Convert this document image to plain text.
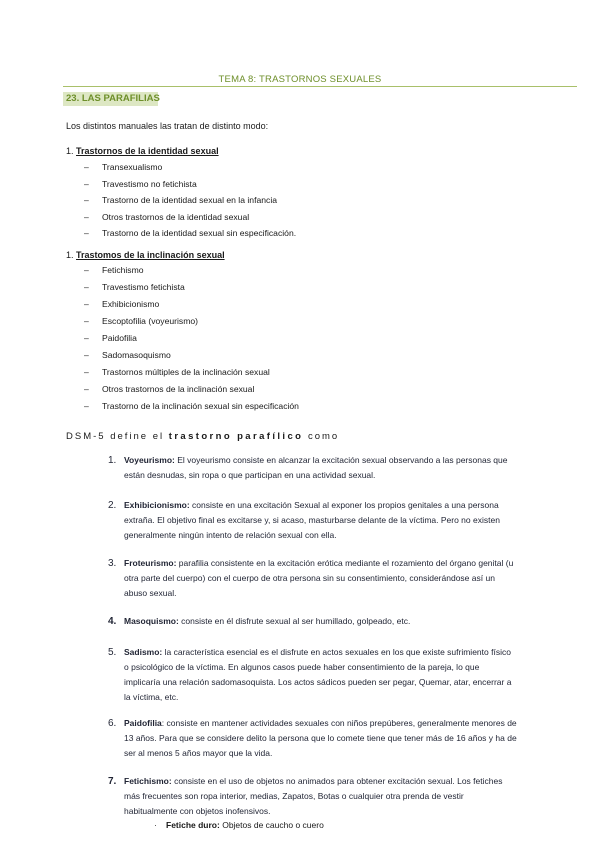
TEMA 8: TRASTORNOS SEXUALES
23. LAS PARAFILIAS
Los distintos manuales las tratan de distinto modo:
1. Trastornos de la identidad sexual
– Transexualismo
– Travestismo no fetichista
– Trastorno de la identidad sexual en la infancia
– Otros trastornos de la identidad sexual
– Trastorno de la identidad sexual sin especificación.
1. Trastomos de la inclinación sexual
– Fetichismo
– Travestismo fetichista
– Exhibicionismo
– Escoptofilia (voyeurismo)
– Paidofilia
– Sadomasoquismo
– Trastornos múltiples de la inclinación sexual
– Otros trastornos de la inclinación sexual
– Trastorno de la inclinación sexual sin especificación
DSM-5 define el trastorno parafílico como
1. Voyeurismo: El voyeurismo consiste en alcanzar la excitación sexual observando a las personas que están desnudas, sin ropa o que participan en una actividad sexual.
2. Exhibicionismo: consiste en una excitación Sexual al exponer los propios genitales a una persona extraña. El objetivo final es excitarse y, si acaso, masturbarse delante de la víctima. Pero no existen generalmente ningún intento de relación sexual con ella.
3. Froteurismo: parafilia consistente en la excitación erótica mediante el rozamiento del órgano genital (u otra parte del cuerpo) con el cuerpo de otra persona sin su consentimiento, considerándose así un abuso sexual.
4. Masoquismo: consiste en él disfrute sexual al ser humillado, golpeado, etc.
5. Sadismo: la característica esencial es el disfrute en actos sexuales en los que existe sufrimiento físico o psicológico de la víctima. En algunos casos puede haber consentimiento de la pareja, lo que implicaría una relación sadomasoquista. Los actos sádicos pueden ser pegar, Quemar, atar, encerrar a la víctima, etc.
6. Paidofilia: consiste en mantener actividades sexuales con niños prepúberes, generalmente menores de 13 años. Para que se considere delito la persona que lo comete tiene que tener más de 16 años y ha de ser al menos 5 años mayor que la vida.
7. Fetichismo: consiste en el uso de objetos no animados para obtener excitación sexual. Los fetiches más frecuentes son ropa interior, medias, Zapatos, Botas o cualquier otra prenda de vestir habitualmente con objetos inofensivos.
· Fetiche duro: Objetos de caucho o cuero
